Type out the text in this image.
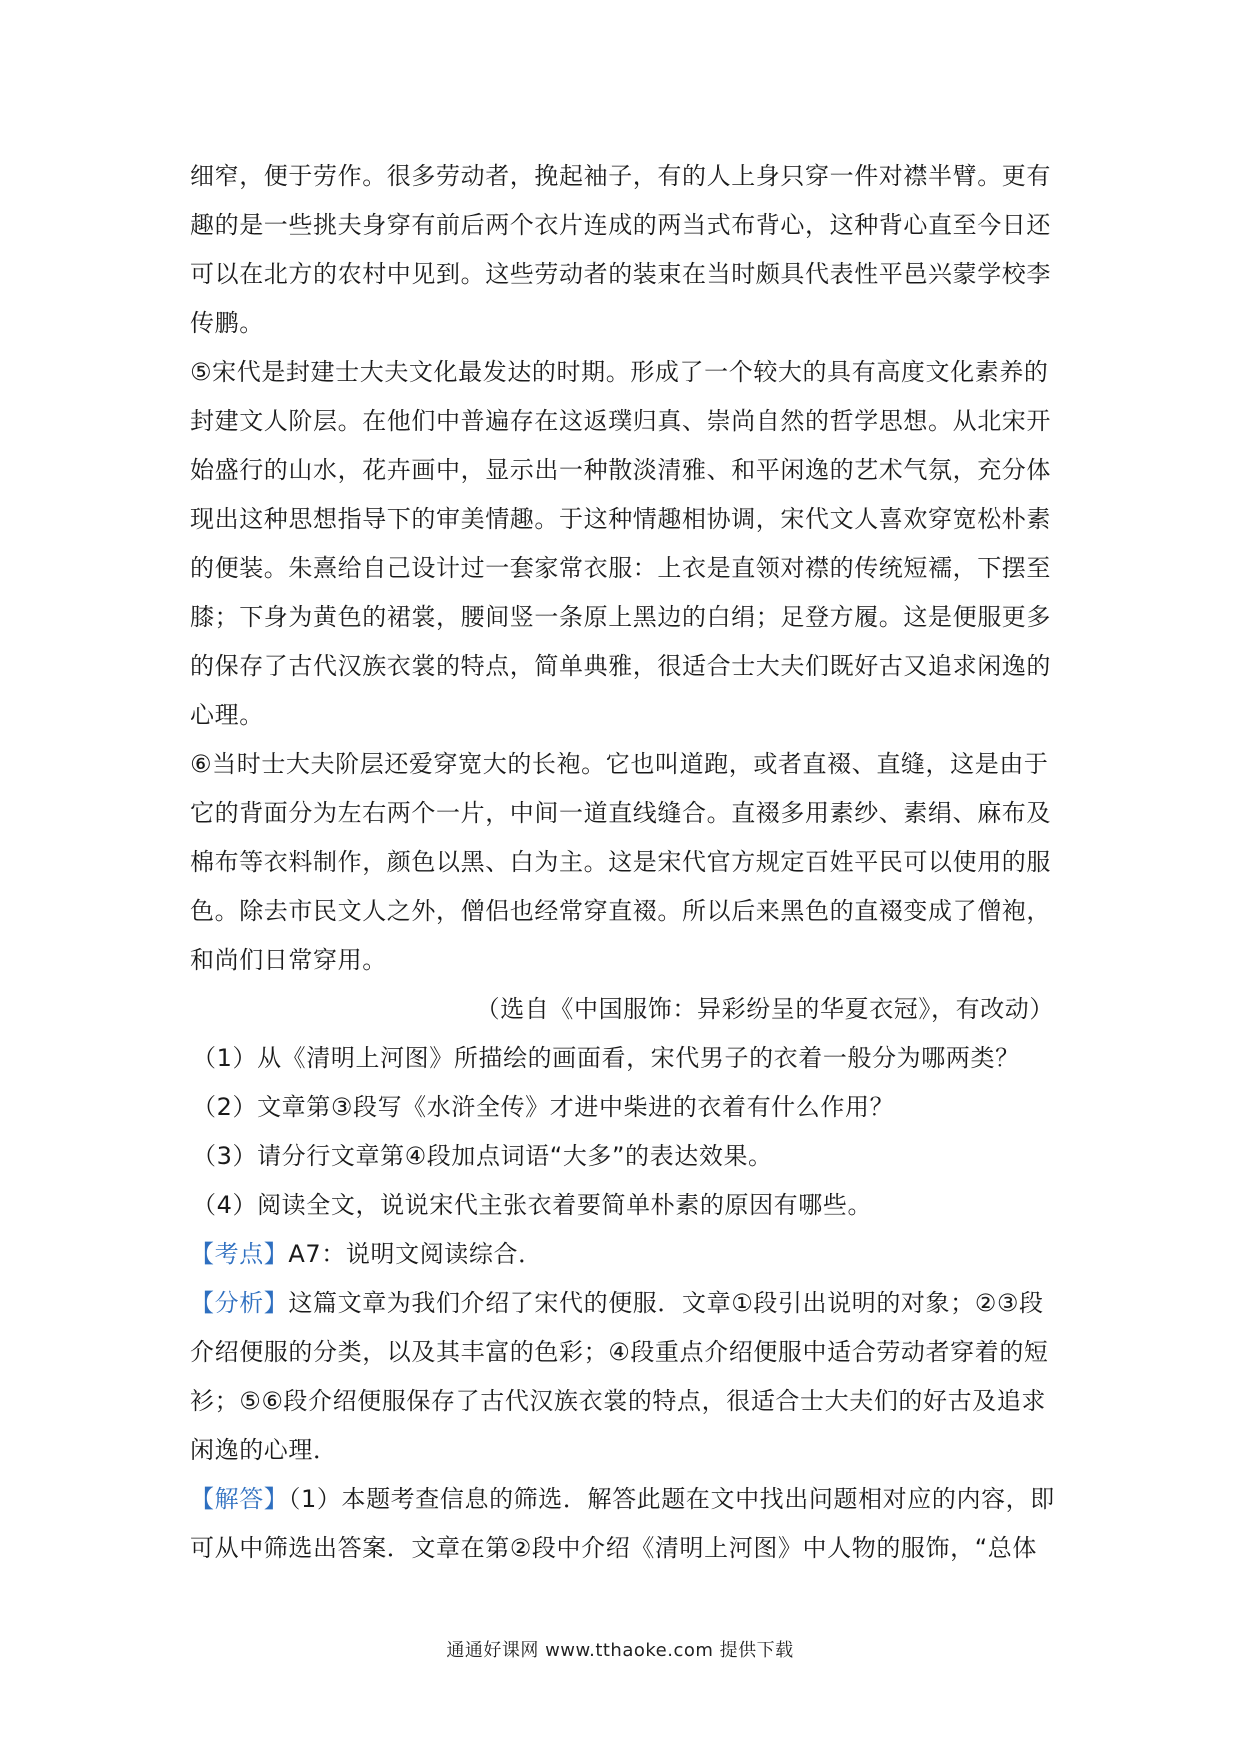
细窄，便于劳作。很多劳动者，挽起袖子，有的人上身只穿一件对襟半臂。更有
趣的是一些挑夫身穿有前后两个衣片连成的两当式布背心，这种背心直至今日还
可以在北方的农村中见到。这些劳动者的装束在当时颇具代表性平邑兴蒙学校李
传鹏。
⑤宋代是封建士大夫文化最发达的时期。形成了一个较大的具有高度文化素养的
封建文人阶层。在他们中普遍存在这返璞归真、崇尚自然的哲学思想。从北宋开
始盛行的山水，花卉画中，显示出一种散淡清雅、和平闲逸的艺术气氛，充分体
现出这种思想指导下的审美情趣。于这种情趣相协调，宋代文人喜欢穿宽松朴素
的便装。朱熹给自己设计过一套家常衣服：上衣是直领对襟的传统短襦，下摆至
膝；下身为黄色的裙裳，腰间竖一条原上黑边的白绢；足登方履。这是便服更多
的保存了古代汉族衣裳的特点，简单典雅，很适合士大夫们既好古又追求闲逸的
心理。
⑥当时士大夫阶层还爱穿宽大的长袍。它也叫道跑，或者直裰、直缝，这是由于
它的背面分为左右两个一片，中间一道直线缝合。直裰多用素纱、素绢、麻布及
棉布等衣料制作，颜色以黑、白为主。这是宋代官方规定百姓平民可以使用的服
色。除去市民文人之外，僧侣也经常穿直裰。所以后来黑色的直裰变成了僧袍，
和尚们日常穿用。
（选自《中国服饰：异彩纷呈的华夏衣冠》，有改动）
（1）从《清明上河图》所描绘的画面看，宋代男子的衣着一般分为哪两类？
（2）文章第③段写《水浒全传》才进中柴进的衣着有什么作用？
（3）请分行文章第④段加点词语“大多”的表达效果。
（4）阅读全文，说说宋代主张衣着要简单朴素的原因有哪些。
【考点】A7：说明文阅读综合．
【分析】这篇文章为我们介绍了宋代的便服．文章①段引出说明的对象；②③段
介绍便服的分类，以及其丰富的色彩；④段重点介绍便服中适合劳动者穿着的短
衫；⑤⑥段介绍便服保存了古代汉族衣裳的特点，很适合士大夫们的好古及追求
闲逸的心理．
【解答】（1）本题考查信息的筛选．解答此题在文中找出问题相对应的内容，即
可从中筛选出答案．文章在第②段中介绍《清明上河图》中人物的服饰，“总体
通通好课网 www.tthaoke.com 提供下载
